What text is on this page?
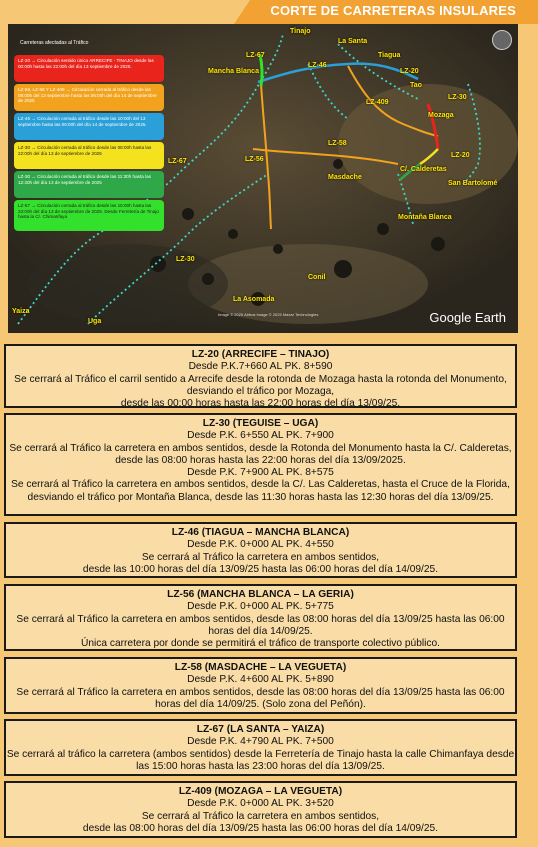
CORTE DE CARRETERAS INSULARES
Carreteras afectadas al Tráfico
LZ-20 → Circulación sentido único ARRECIFE - TINAJO desde las 00:00h hasta las 22:00h del día 13 septiembre de 2025.
LZ-56, LZ-58 Y LZ-409 → Circulación cerrada al tráfico desde las 08:00h del 13 septiembre hasta las 06:00h del día 14 de septiembre de 2025
LZ-46 → Circulación cerrada al tráfico desde las 10:00h del 13 septiembre hasta las 06:00h del día 14 de septiembre de 2025.
LZ-30 → Circulación cerrada al tráfico desde las 08:00h hasta las 22:00h del día 13 de septiembre de 2025
LZ-30 → Circulación cerrada al tráfico desde las 11:30h hasta las 12:30h del día 13 de septiembre de 2025
LZ-67 → Circulación cerrada al tráfico desde las 15:00h hasta las 23:00h del día 13 de septiembre de 2025. Desde Ferretería de Tinajo hasta la C/. Chimanfaya
Tinajo
La Santa
Tiagua
Mancha Blanca
Tao
Mozaga
C/. Calderetas
San Bartolomé
Masdache
Montaña Blanca
Conil
La Asomada
Yaiza
Uga
LZ-67
LZ-46
LZ-20
LZ-30
LZ-409
LZ-56
LZ-58
LZ-67
LZ-30
LZ-20
Image © 2025 Airbus Image © 2025 Maxar Technologies	Google Earth

LZ-20 (ARRECIFE – TINAJO)

Desde P.K.7+660 AL PK. 8+590

Se cerrará al Tráfico el carril sentido a Arrecife desde la rotonda de Mozaga hasta la rotonda del Monumento, desviando el tráfico por Mozaga,

desde las 00:00 horas hasta las 22:00 horas del día 13/09/25.

LZ-30 (TEGUISE – UGA)

Desde P.K. 6+550 AL PK. 7+900

Se cerrará al Tráfico la carretera en ambos sentidos, desde la Rotonda del Monumento hasta la C/. Calderetas, desde las 08:00 horas hasta las 22:00 horas del día 13/09/2025.

Desde P.K. 7+900 AL PK. 8+575

Se cerrará al Tráfico la carretera en ambos sentidos, desde la C/. Las Calderetas, hasta el Cruce de la Florida, desviando el tráfico por Montaña Blanca, desde las 11:30 horas hasta las 12:30 horas del día 13/09/25.

LZ-46 (TIAGUA – MANCHA BLANCA)

Desde P.K. 0+000 AL PK. 4+550

Se cerrará al Tráfico la carretera en ambos sentidos,

desde las 10:00 horas del día 13/09/25 hasta las 06:00 horas del día 14/09/25.

LZ-56 (MANCHA BLANCA – LA GERIA)

Desde P.K. 0+000 AL PK. 5+775

Se cerrará al Tráfico la carretera en ambos sentidos, desde las 08:00 horas del día 13/09/25 hasta las 06:00 horas del día 14/09/25.

Única carretera por donde se permitirá el tráfico de transporte colectivo público.

LZ-58 (MASDACHE – LA VEGUETA)

Desde P.K. 4+600 AL PK. 5+890

Se cerrará al Tráfico la carretera en ambos sentidos, desde las 08:00 horas del día 13/09/25 hasta las 06:00 horas del día 14/09/25. (Solo zona del Peñón).

LZ-67 (LA SANTA – YAIZA)

Desde P.K. 4+790 AL PK. 7+500

Se cerrará al tráfico la carretera (ambos sentidos) desde la Ferretería de Tinajo hasta la calle Chimanfaya desde las 15:00 horas hasta las 23:00 horas del día 13/09/25.

LZ-409 (MOZAGA – LA VEGUETA)

Desde P.K. 0+000 AL PK. 3+520

Se cerrará al Tráfico la carretera en ambos sentidos,

desde las 08:00 horas del día 13/09/25 hasta las 06:00 horas del día 14/09/25.
